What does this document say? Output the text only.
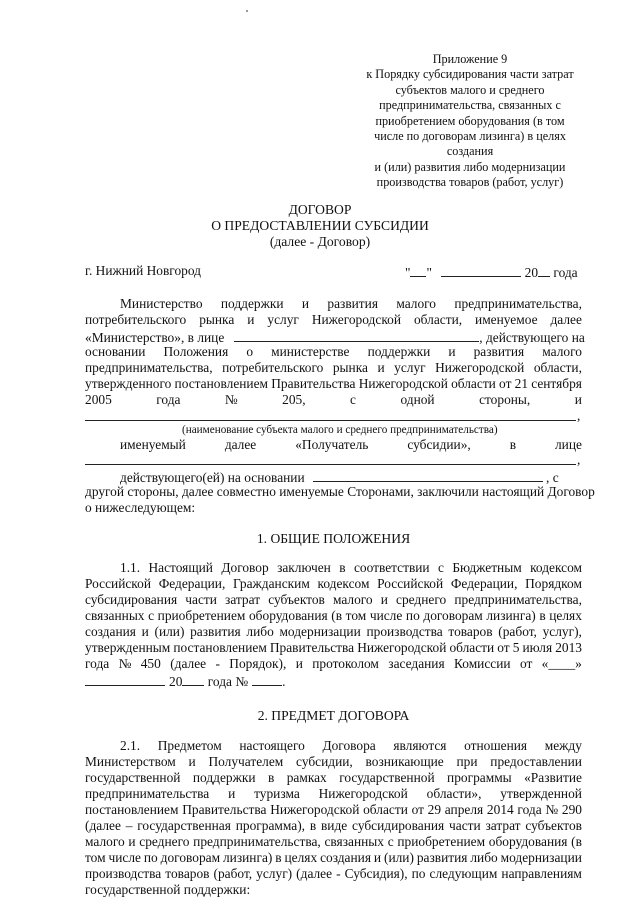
Приложение 9
к Порядку субсидирования части затрат
субъектов малого и среднего
предпринимательства, связанных с
приобретением оборудования (в том
числе по договорам лизинга) в целях
создания
и (или) развития либо модернизации
производства товаров (работ, услуг)
ДОГОВОР
О ПРЕДОСТАВЛЕНИИ СУБСИДИИ
(далее - Договор)
г. Нижний Новгород	" "	20 года
Министерство поддержки и развития малого предпринимательства,
потребительского рынка и услуг Нижегородской области, именуемое далее
«Министерство», в лице	, действующего на
основании Положения о министерстве поддержки и развития малого
предпринимательства, потребительского рынка и услуг Нижегородской области,
утвержденного постановлением Правительства Нижегородской области от 21 сентября
2005	года	№	205,	с	одной	стороны,	и
,
(наименование субъекта малого и среднего предпринимательства)
именуемый	далее	«Получатель	субсидии»,	в	лице
,
действующего(ей) на основании	, с
другой стороны, далее совместно именуемые Сторонами, заключили настоящий Договор
о нижеследующем:
1. ОБЩИЕ ПОЛОЖЕНИЯ
1.1. Настоящий Договор заключен в соответствии с Бюджетным кодексом
Российской Федерации, Гражданским кодексом Российской Федерации, Порядком
субсидирования части затрат субъектов малого и среднего предпринимательства,
связанных с приобретением оборудования (в том числе по договорам лизинга) в целях
создания и (или) развития либо модернизации производства товаров (работ, услуг),
утвержденным постановлением Правительства Нижегородской области от 5 июля 2013
года № 450 (далее - Порядок), и протоколом заседания Комиссии от «____»
20 года №	.
2. ПРЕДМЕТ ДОГОВОРА
2.1. Предметом настоящего Договора являются отношения между
Министерством и Получателем субсидии, возникающие при предоставлении
государственной поддержки в рамках государственной программы «Развитие
предпринимательства и туризма Нижегородской области», утвержденной
постановлением Правительства Нижегородской области от 29 апреля 2014 года № 290
(далее – государственная программа), в виде субсидирования части затрат субъектов
малого и среднего предпринимательства, связанных с приобретением оборудования (в
том числе по договорам лизинга) в целях создания и (или) развития либо модернизации
производства товаров (работ, услуг) (далее - Субсидия), по следующим направлениям
государственной поддержки:
